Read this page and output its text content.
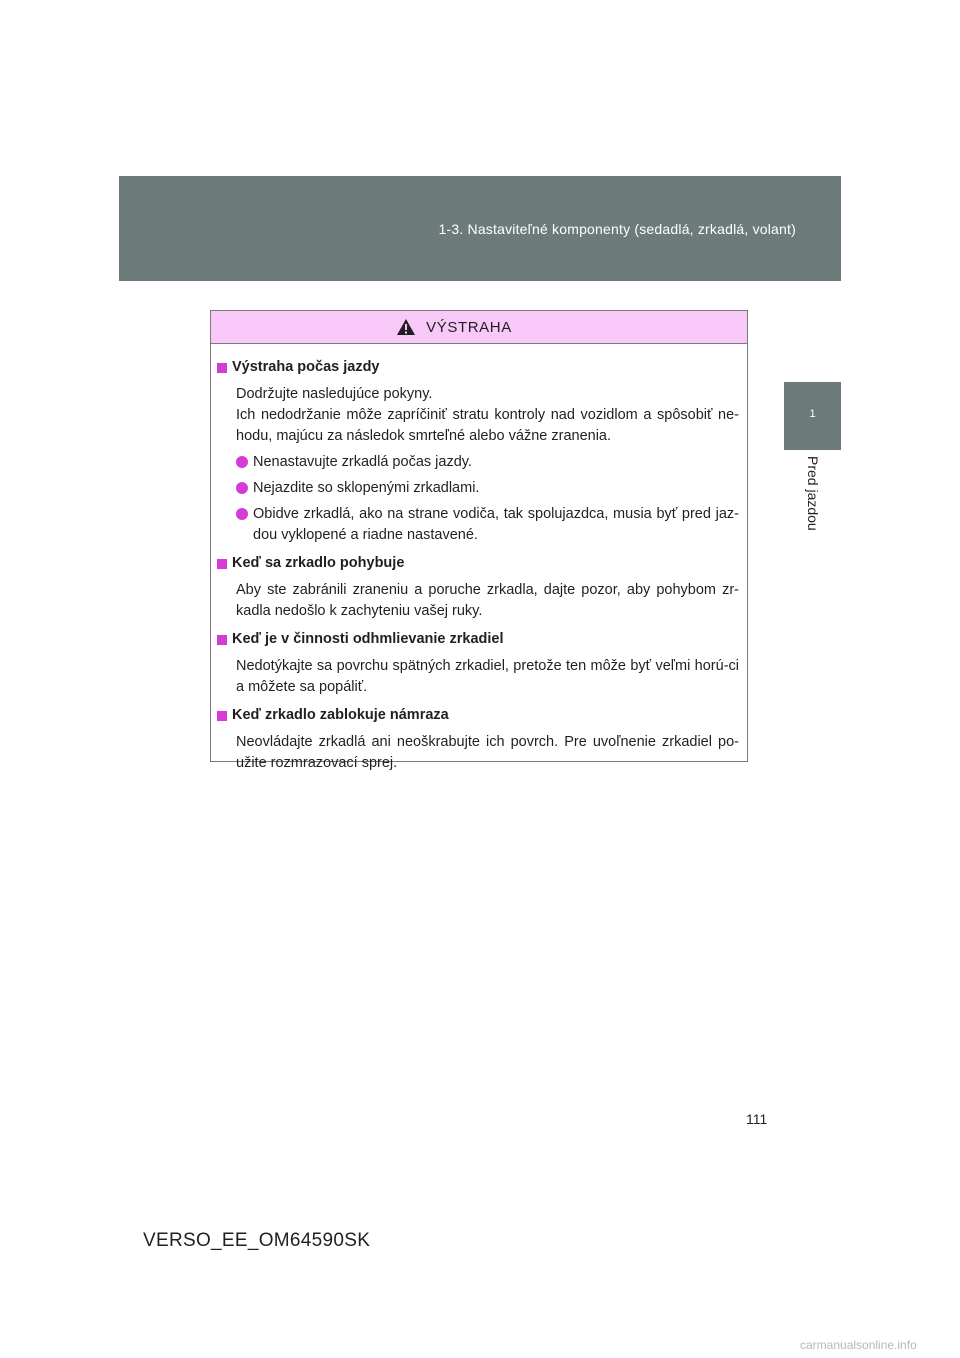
1-3. Nastaviteľné komponenty (sedadlá, zrkadlá, volant)
1
Pred jazdou
VÝSTRAHA
Výstraha počas jazdy
Dodržujte nasledujúce pokyny.
Ich nedodržanie môže zapríčiniť stratu kontroly nad vozidlom a spôsobiť ne-hodu, majúcu za následok smrteľné alebo vážne zranenia.
Nenastavujte zrkadlá počas jazdy.
Nejazdite so sklopenými zrkadlami.
Obidve zrkadlá, ako na strane vodiča, tak spolujazdca, musia byť pred jaz-dou vyklopené a riadne nastavené.
Keď sa zrkadlo pohybuje
Aby ste zabránili zraneniu a poruche zrkadla, dajte pozor, aby pohybom zr-kadla nedošlo k zachyteniu vašej ruky.
Keď je v činnosti odhmlievanie zrkadiel
Nedotýkajte sa povrchu spätných zrkadiel, pretože ten môže byť veľmi horú-ci a môžete sa popáliť.
Keď zrkadlo zablokuje námraza
Neovládajte zrkadlá ani neoškrabujte ich povrch. Pre uvoľnenie zrkadiel po-užite rozmrazovací sprej.
111
VERSO_EE_OM64590SK
carmanualsonline.info
